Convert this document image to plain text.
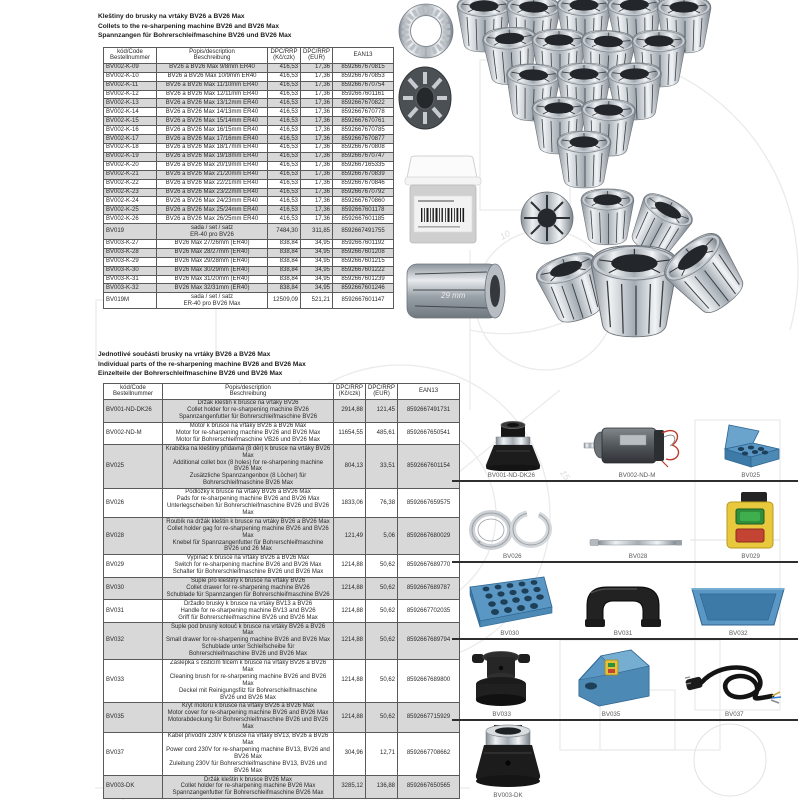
10
15
Kleštiny do brusky na vrtáky BV26 a BV26 Max
Collets to the re-sharpening machine BV26 and BV26 Max
Spannzangen für Bohrerschleifmaschine BV26 und BV26 Max
kód/Code
Bestellnummer

Popis/description
Beschreibung

DPC/RRP
(Kč/czk)

DPC/RRP
(EUR)

EAN13

BV002-K-09	BV26 a BV26 Max 9/8mm ER40	416,53	17,36	8592667670815
BV002-K-10	BV26 a BV26 Max 10/9mm ER40	416,53	17,36	8592667670853
BV002-K-11	BV26 a BV26 Max 11/10mm ER40	416,53	17,36	8592667670754
BV002-K-12	BV26 a BV26 Max 12/11mm ER40	416,53	17,36	8592667601161
BV002-K-13	BV26 a BV26 Max 13/12mm ER40	416,53	17,36	8592667670822
BV002-K-14	BV26 a BV26 Max 14/13mm ER40	416,53	17,36	8592667670778
BV002-K-15	BV26 a BV26 Max 15/14mm ER40	416,53	17,36	8592667670761
BV002-K-16	BV26 a BV26 Max 16/15mm ER40	416,53	17,36	8592667670785
BV002-K-17	BV26 a BV26 Max 17/16mm ER40	416,53	17,36	8592667670877
BV002-K-18	BV26 a BV26 Max 18/17mm ER40	416,53	17,36	8592667670808
BV002-K-19	BV26 a BV26 Max 19/18mm ER40	416,53	17,36	8592667670747
BV002-K-20	BV26 a BV26 Max 20/19mm ER40	416,53	17,36	8592667165335
BV002-K-21	BV26 a BV26 Max 21/20mm ER40	416,53	17,36	8592667670839
BV002-K-22	BV26 a BV26 Max 22/21mm ER40	416,53	17,36	8592667670846
BV002-K-23	BV26 a BV26 Max 23/22mm ER40	416,53	17,36	8592667670792
BV002-K-24	BV26 a BV26 Max 24/23mm ER40	416,53	17,36	8592667670860
BV002-K-25	BV26 a BV26 Max 25/24mm ER40	416,53	17,36	8592667601178
BV002-K-26	BV26 a BV26 Max 26/25mm ER40	416,53	17,36	8592667601185
BV019	sada / set / satz
ER-40 pro BV26	7484,30	311,85	8592667491755
BV003-K-27	BV26 Max 27/26mm (ER40)	838,84	34,95	8592667601192
BV003-K-28	BV26 Max 28/27mm (ER40)	838,84	34,95	8592667601208
BV003-K-29	BV26 Max 29/28mm (ER40)	838,84	34,95	8592667601215
BV003-K-30	BV26 Max 30/29mm (ER40)	838,84	34,95	8592667601222
BV003-K-31	BV26 Max 31/20mm (ER40)	838,84	34,95	8592667601239
BV003-K-32	BV26 Max 32/31mm (ER40)	838,84	34,95	8592667601246
BV019M	sada / set / satz
ER-40 pro BV26 Max	12509,09	521,21	8592667601147
29 mm
Jednotlivé součásti brusky na vrtáky BV26 a BV26 Max
Individual parts of the re-sharpening machine BV26 and BV26 Max
Einzelteile der Bohrerschleifmaschine BV26 und BV26 Max
kód/Code
Bestellnummer

Popis/description
Beschreibung

DPC/RRP
(Kč/czk)

DPC/RRP
(EUR)

EAN13

BV001-ND-DK26	Držák kleštin k brusce na vrtáky BV26
Collet holder for re-sharpening machine BV26
Spannzangenfutter für Bohrerschleifmaschine BV26	2914,88	121,45	8592667491731
BV002-ND-M	Motor k brusce na vrtáky BV26 a BV26 Max
Motor for re-sharpening machine BV26 and BV26 Max
Motor für Bohrerschleifmaschine VB26 und BV26 Max	11654,55	485,61	8592667650541
BV025	Krabička na kleštiny přídavná (8 děr) k brusce na vrtáky BV26 Max
Additional collet box (8 holes) for re-sharpening machine BV26 Max
Zusätzliche Spannzangenbox (8 Löcher) für
Bohrerschleifmaschine BV26 Max	804,13	33,51	8592667601154
BV026	Podložky k brusce na vrtáky BV26 a BV26 Max
Pads for re-sharpening machine BV26 and BV26 Max
Unterlegscheiben für Bohrerschleifmaschine BV26 und BV26 Max	1833,06	76,38	8592667659575
BV028	Roubík na držák kleštin k brusce na vrtáky BV26 a BV26 Max
Collet holder gag for re-sharpening machine BV26 and BV26 Max
Knebel für Spannzangenfutter für Bohrerschleifmaschine
BV26 und 26 Max	121,49	5,06	8592667680029
BV029	Vypínač k brusce na vrtáky BV26 a BV26 Max
Switch for re-sharpening machine BV26 and BV26 Max
Schalter für Bohrerschleifmaschine BV26 und BV26 Max	1214,88	50,62	8592667689770
BV030	Šuple pro kleštiny k brusce na vrtáky BV26
Collet drawer for re-sharpening machine BV26
Schublade für Spannzangen für Bohrerschleifmaschine BV26	1214,88	50,62	8592667689787
BV031	Držadlo brusky k brusce na vrtáky BV13 a BV26
Handle for re-sharpening machine BV13 and BV26
Griff für Bohrerschleifmaschine BV26 und BV26 Max	1214,88	50,62	8592667702035
BV032	Šuple pod brusný kotouč k brusce na vrtáky BV26 a BV26 Max
Small drawer for re-sharpening machine BV26 and BV26 Max
Schublade unter Schleifscheibe für
Bohrerschleifmaschine BV26 und BV26 Max	1214,88	50,62	8592667689794
BV033	Záslepka s čisticím filcem k brusce na vrtáky BV26 a BV26 Max
Cleaning brush for re-sharpening machine BV26 and BV26 Max
Deckel mit Reinigungsfilz für Bohrerschleifmaschine
BV26 und BV26 Max	1214,88	50,62	8592667689800
BV035	Kryt motoru k brusce na vrtáky BV26 a BV26 Max
Motor cover for re-sharpening machine BV26 and BV26 Max
Motorabdeckung für Bohrerschleifmaschine BV26 und BV26 Max	1214,88	50,62	8592667715929
BV037	Kabel přívodní 230V k brusce na vrtáky BV13, BV26 a BV26 Max
Power cord 230V for re-sharpening machine BV13, BV26 and BV26 Max
Zuleitung 230V für Bohrerschleifmaschine BV13, BV26 und BV26 Max	304,96	12,71	8592667708662
BV003-DK	Držák kleštin k brusce BV26 Max
Collet holder for re-sharpening machine BV26 Max
Spannzangenfutter für Bohrerschleifmaschine BV26 Max	3285,12	136,88	8592667650565
BV001-ND-DK26	BV002-ND-M	BV025
BV026	BV028	BV029
BV030	BV031	BV032
BV033	BV035	BV037
BV003-DK
